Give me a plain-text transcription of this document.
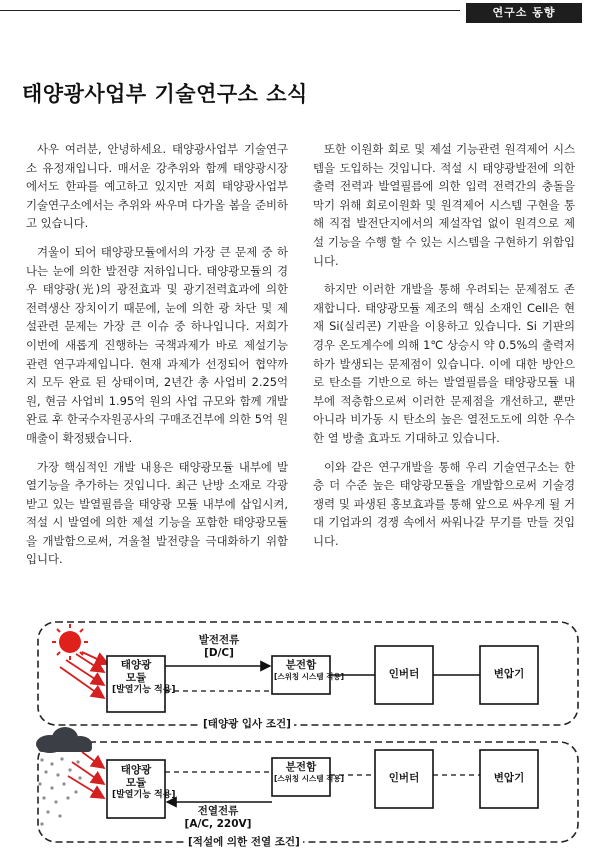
연구소 동향
태양광사업부 기술연구소 소식

사우 여러분, 안녕하세요. 태양광사업부 기술연구소 유정재입니다. 매서운 강추위와 함께 태양광시장에서도 한파를 예고하고 있지만 저희 태양광사업부 기술연구소에서는 추위와 싸우며 다가올 봄을 준비하고 있습니다.

겨울이 되어 태양광모듈에서의 가장 큰 문제 중 하나는 눈에 의한 발전량 저하입니다. 태양광모듈의 경우 태양광(光)의 광전효과 및 광기전력효과에 의한 전력생산 장치이기 때문에, 눈에 의한 광 차단 및 제설관련 문제는 가장 큰 이슈 중 하나입니다. 저희가 이번에 새롭게 진행하는 국책과제가 바로 제설기능 관련 연구과제입니다. 현재 과제가 선정되어 협약까지 모두 완료 된 상태이며, 2년간 총 사업비 2.25억 원, 현금 사업비 1.95억 원의 사업 규모와 함께 개발 완료 후 한국수자원공사의 구매조건부에 의한 5억 원 매출이 확정됐습니다.

가장 핵심적인 개발 내용은 태양광모듈 내부에 발열기능을 추가하는 것입니다. 최근 난방 소재로 각광받고 있는 발열필름을 태양광 모듈 내부에 삽입시켜, 적설 시 발열에 의한 제설 기능을 포함한 태양광모듈을 개발함으로써, 겨울철 발전량을 극대화하기 위함입니다.

또한 이원화 회로 및 제설 기능관련 원격제어 시스템을 도입하는 것입니다. 적설 시 태양광발전에 의한 출력 전력과 발열필름에 의한 입력 전력간의 충돌을 막기 위해 회로이원화 및 원격제어 시스템 구현을 통해 직접 발전단지에서의 제설작업 없이 원격으로 제설 기능을 수행 할 수 있는 시스템을 구현하기 위함입니다.

하지만 이러한 개발을 통해 우려되는 문제점도 존재합니다. 태양광모듈 제조의 핵심 소재인 Cell은 현재 Si(실리콘) 기판을 이용하고 있습니다. Si 기판의 경우 온도계수에 의해 1℃ 상승시 약 0.5%의 출력저하가 발생되는 문제점이 있습니다. 이에 대한 방안으로 탄소를 기반으로 하는 발열필름을 태양광모듈 내부에 적층함으로써 이러한 문제점을 개선하고, 뿐만 아니라 비가동 시 탄소의 높은 열전도도에 의한 우수한 열 방출 효과도 기대하고 있습니다.

이와 같은 연구개발을 통해 우리 기술연구소는 한층 더 수준 높은 태양광모듈을 개발함으로써 기술경쟁력 및 파생된 홍보효과를 통해 앞으로 싸우게 될 거대 기업과의 경쟁 속에서 싸워나갈 무기를 만들 것입니다.

태양광
모듈
[발열기능 적용]
발전전류
[D/C]
분전함
[스위칭 시스템 적용]	인버터	변압기
[태양광 입사 조건]
태양광
모듈
[발열기능 적용]
전열전류
[A/C, 220V]
분전함
[스위칭 시스템 적용]	인버터	변압기
[적설에 의한 전열 조건]
